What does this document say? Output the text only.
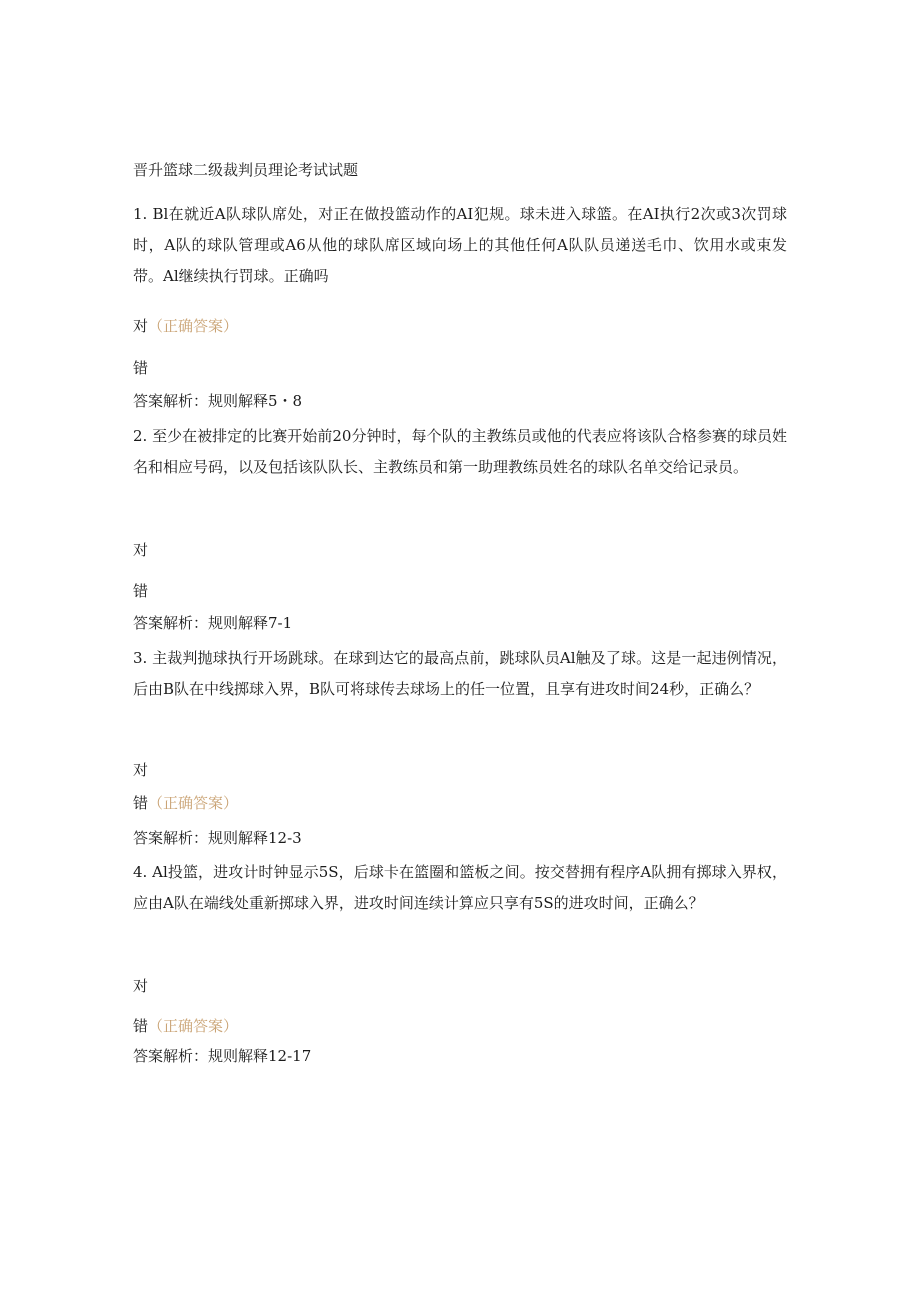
晋升篮球二级裁判员理论考试试题

1. Bl在就近A队球队席处，对正在做投篮动作的AI犯规。球未进入球篮。在AI执行2次或3次罚球时，A队的球队管理或A6从他的球队席区域向场上的其他任何A队队员递送毛巾、饮用水或束发带。Al继续执行罚球。正确吗

对（正确答案）

错

答案解析：规则解释5・8

2. 至少在被排定的比赛开始前20分钟时，每个队的主教练员或他的代表应将该队合格参赛的球员姓名和相应号码，以及包括该队队长、主教练员和第一助理教练员姓名的球队名单交给记录员。

对

错

答案解析：规则解释7-1

3. 主裁判抛球执行开场跳球。在球到达它的最高点前，跳球队员Al触及了球。这是一起违例情况，后由B队在中线掷球入界，B队可将球传去球场上的任一位置，且享有进攻时间24秒，正确么？

对

错（正确答案）

答案解析：规则解释12-3

4. Al投篮，进攻计时钟显示5S，后球卡在篮圈和篮板之间。按交替拥有程序A队拥有掷球入界权，应由A队在端线处重新掷球入界，进攻时间连续计算应只享有5S的进攻时间，正确么？

对

错（正确答案）

答案解析：规则解释12-17
